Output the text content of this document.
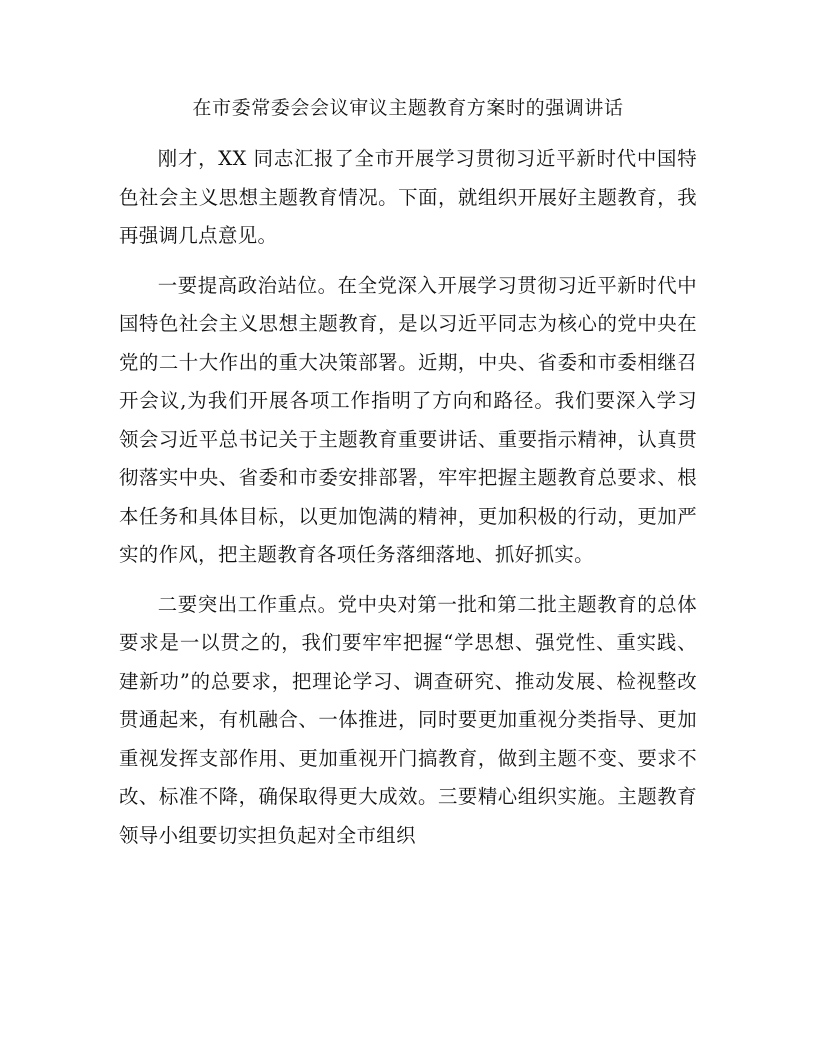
在市委常委会会议审议主题教育方案时的强调讲话

刚才，XX 同志汇报了全市开展学习贯彻习近平新时代中国特色社会主义思想主题教育情况。下面，就组织开展好主题教育，我再强调几点意见。

一要提高政治站位。在全党深入开展学习贯彻习近平新时代中国特色社会主义思想主题教育，是以习近平同志为核心的党中央在党的二十大作出的重大决策部署。近期，中央、省委和市委相继召开会议,为我们开展各项工作指明了方向和路径。我们要深入学习领会习近平总书记关于主题教育重要讲话、重要指示精神，认真贯彻落实中央、省委和市委安排部署，牢牢把握主题教育总要求、根本任务和具体目标，以更加饱满的精神，更加积极的行动，更加严实的作风，把主题教育各项任务落细落地、抓好抓实。

二要突出工作重点。党中央对第一批和第二批主题教育的总体要求是一以贯之的，我们要牢牢把握“学思想、强党性、重实践、建新功”的总要求，把理论学习、调查研究、推动发展、检视整改贯通起来，有机融合、一体推进，同时要更加重视分类指导、更加重视发挥支部作用、更加重视开门搞教育，做到主题不变、要求不改、标准不降，确保取得更大成效。三要精心组织实施。主题教育领导小组要切实担负起对全市组织
